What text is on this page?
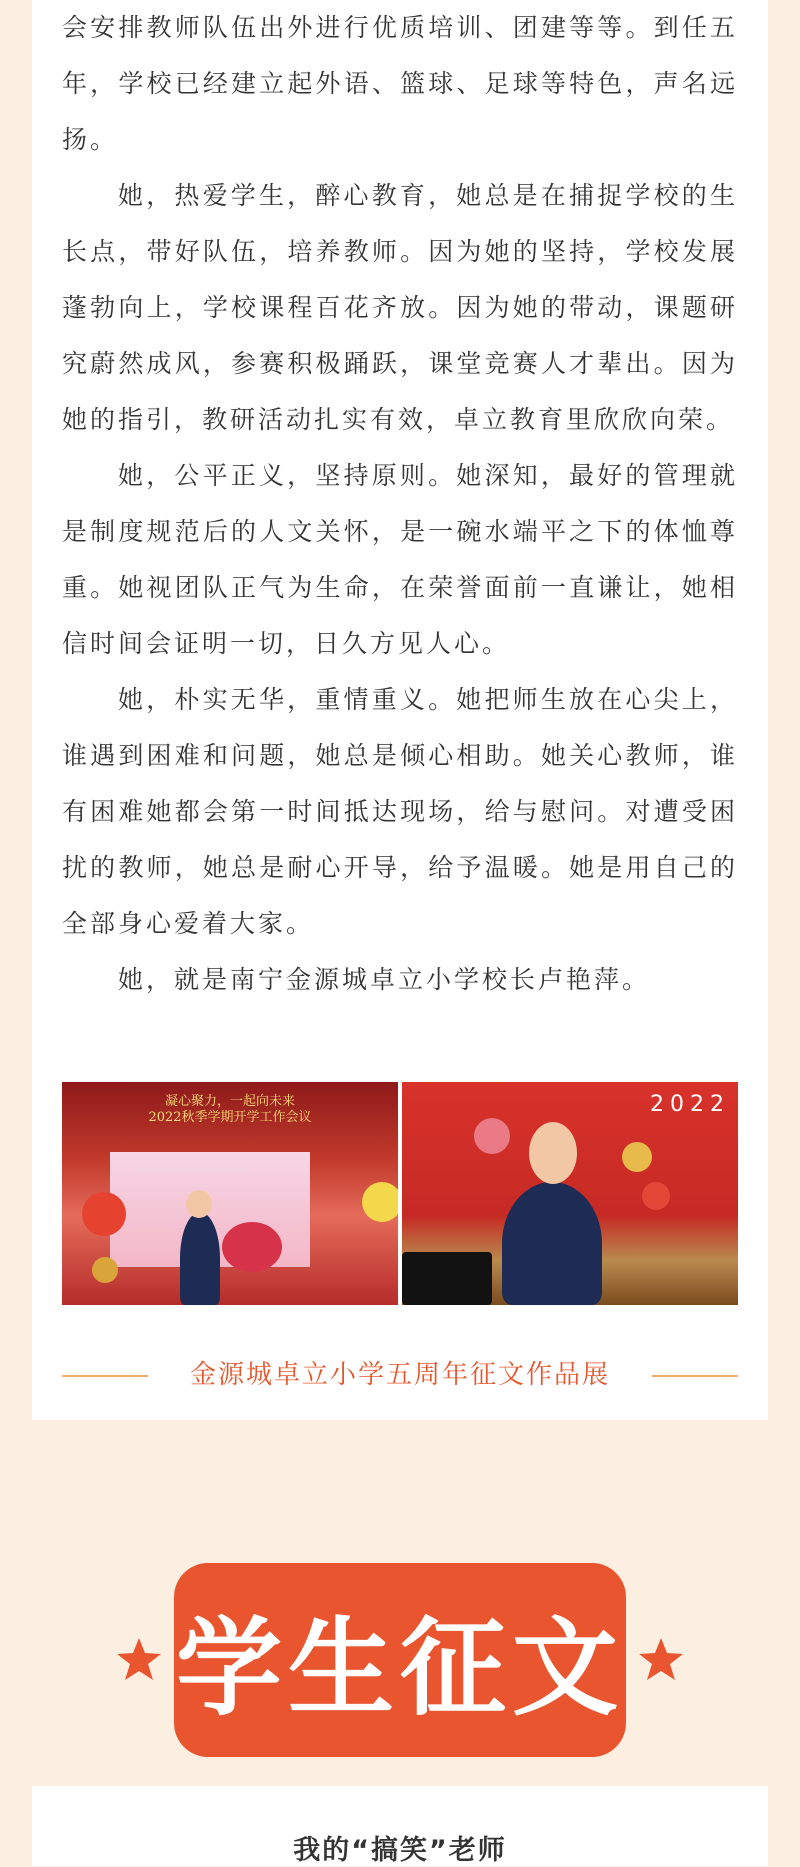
会安排教师队伍出外进行优质培训、团建等等。到任五年，学校已经建立起外语、篮球、足球等特色，声名远扬。

她，热爱学生，醉心教育，她总是在捕捉学校的生长点，带好队伍，培养教师。因为她的坚持，学校发展蓬勃向上，学校课程百花齐放。因为她的带动，课题研究蔚然成风，参赛积极踊跃，课堂竞赛人才辈出。因为她的指引，教研活动扎实有效，卓立教育里欣欣向荣。

她，公平正义，坚持原则。她深知，最好的管理就是制度规范后的人文关怀，是一碗水端平之下的体恤尊重。她视团队正气为生命，在荣誉面前一直谦让，她相信时间会证明一切，日久方见人心。

她，朴实无华，重情重义。她把师生放在心尖上，谁遇到困难和问题，她总是倾心相助。她关心教师，谁有困难她都会第一时间抵达现场，给与慰问。对遭受困扰的教师，她总是耐心开导，给予温暖。她是用自己的全部身心爱着大家。

她，就是南宁金源城卓立小学校长卢艳萍。

凝心聚力，一起向未来
2022秋季学期开学工作会议
2022
金源城卓立小学五周年征文作品展
学生征文
我的“搞笑”老师
